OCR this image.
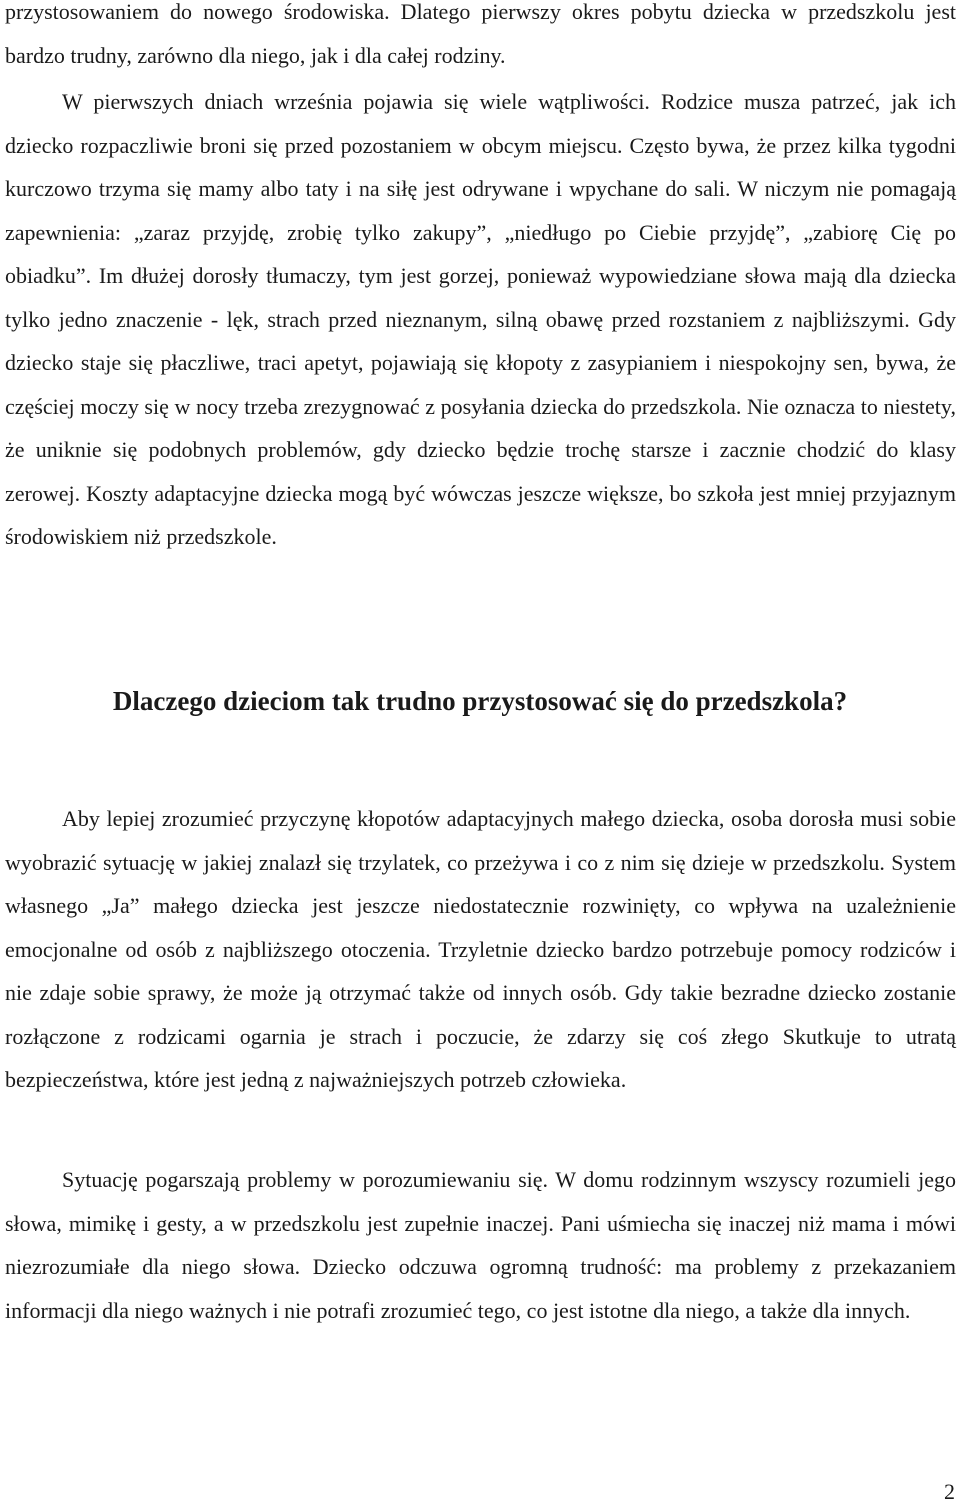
przystosowaniem do nowego środowiska. Dlatego pierwszy okres pobytu dziecka w przedszkolu jest bardzo trudny, zarówno dla niego, jak i dla całej rodziny.

W pierwszych dniach września pojawia się wiele wątpliwości. Rodzice musza patrzeć, jak ich dziecko rozpaczliwie broni się przed pozostaniem w obcym miejscu. Często bywa, że przez kilka tygodni kurczowo trzyma się mamy albo taty i na siłę jest odrywane i wpychane do sali. W niczym nie pomagają zapewnienia: „zaraz przyjdę, zrobię tylko zakupy”, „niedługo po Ciebie przyjdę”, „zabiorę Cię po obiadku”. Im dłużej dorosły tłumaczy, tym jest gorzej, ponieważ wypowiedziane słowa mają dla dziecka tylko jedno znaczenie - lęk, strach przed nieznanym, silną obawę przed rozstaniem z najbliższymi. Gdy dziecko staje się płaczliwe, traci apetyt, pojawiają się kłopoty z zasypianiem i niespokojny sen, bywa, że częściej moczy się w nocy trzeba zrezygnować z posyłania dziecka do przedszkola. Nie oznacza to niestety, że uniknie się podobnych problemów, gdy dziecko będzie trochę starsze i zacznie chodzić do klasy zerowej. Koszty adaptacyjne dziecka mogą być wówczas jeszcze większe, bo szkoła jest mniej przyjaznym środowiskiem niż przedszkole.

Dlaczego dzieciom tak trudno przystosować się do przedszkola?

Aby lepiej zrozumieć przyczynę kłopotów adaptacyjnych małego dziecka, osoba dorosła musi sobie wyobrazić sytuację w jakiej znalazł się trzylatek, co przeżywa i co z nim się dzieje w przedszkolu. System własnego „Ja” małego dziecka jest jeszcze niedostatecznie rozwinięty, co wpływa na uzależnienie emocjonalne od osób z najbliższego otoczenia. Trzyletnie dziecko bardzo potrzebuje pomocy rodziców i nie zdaje sobie sprawy, że może ją otrzymać także od innych osób. Gdy takie bezradne dziecko zostanie rozłączone z rodzicami ogarnia je strach i poczucie, że zdarzy się coś złego Skutkuje to utratą bezpieczeństwa, które jest jedną z najważniejszych potrzeb człowieka.

Sytuację pogarszają problemy w porozumiewaniu się. W domu rodzinnym wszyscy rozumieli jego słowa, mimikę i gesty, a w przedszkolu jest zupełnie inaczej. Pani uśmiecha się inaczej niż mama i mówi niezrozumiałe dla niego słowa. Dziecko odczuwa ogromną trudność: ma problemy z przekazaniem informacji dla niego ważnych i nie potrafi zrozumieć tego, co jest istotne dla niego, a także dla innych.

2
